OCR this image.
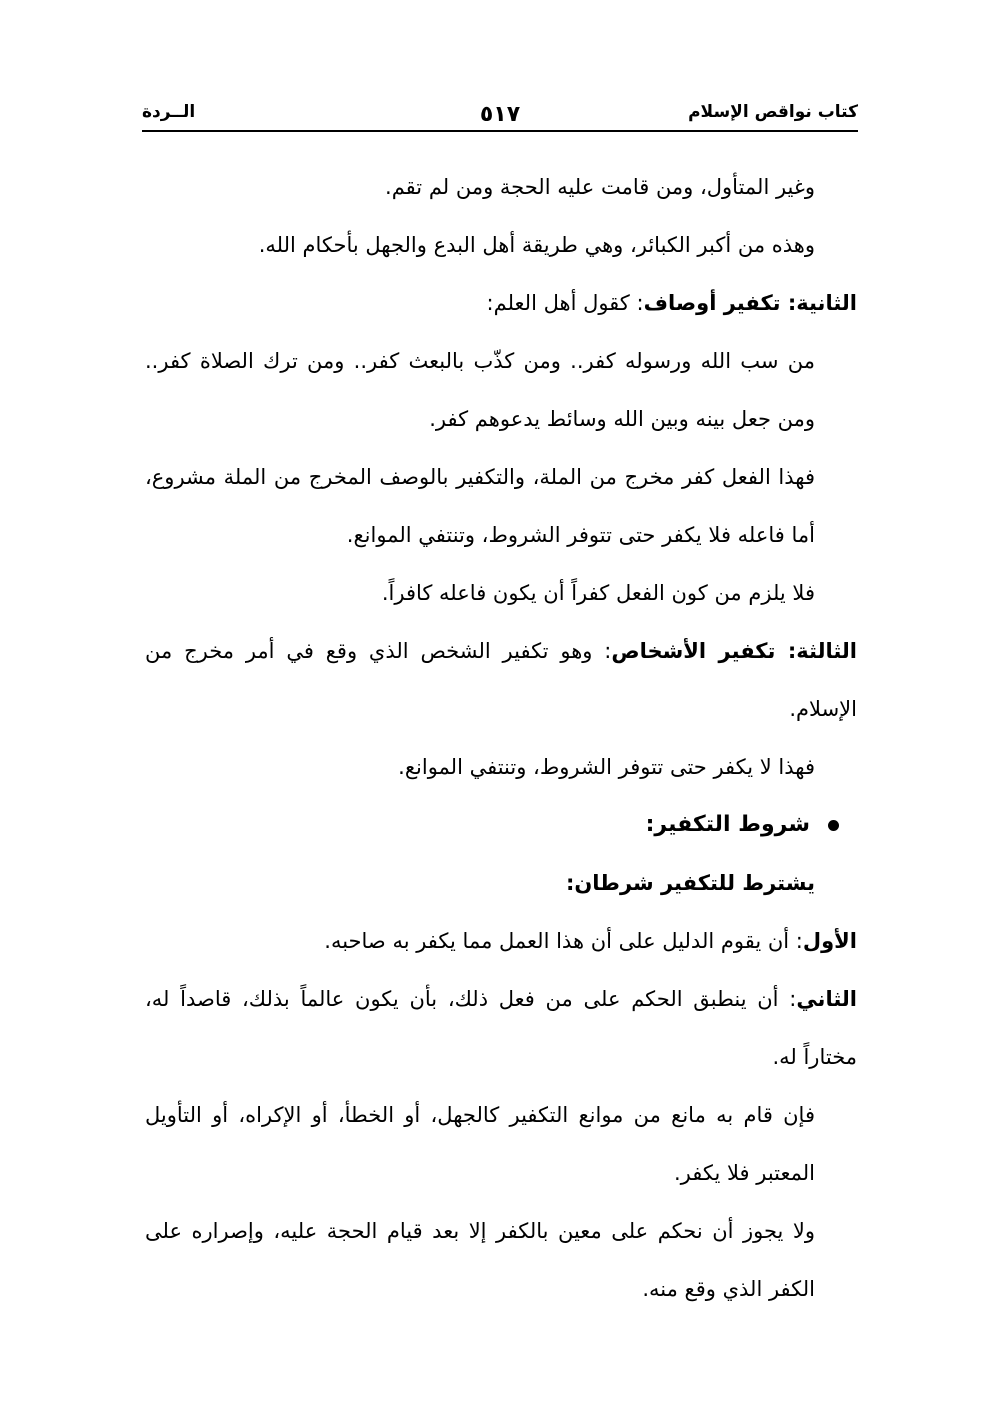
كتاب نواقص الإسلام
٥١٧
الــردة

وغير المتأول، ومن قامت عليه الحجة ومن لم تقم.

وهذه من أكبر الكبائر، وهي طريقة أهل البدع والجهل بأحكام الله.

الثانية: تكفير أوصاف: كقول أهل العلم:

من سب الله ورسوله كفر.. ومن كذّب بالبعث كفر.. ومن ترك الصلاة كفر.. ومن جعل بينه وبين الله وسائط يدعوهم كفر.

فهذا الفعل كفر مخرج من الملة، والتكفير بالوصف المخرج من الملة مشروع، أما فاعله فلا يكفر حتى تتوفر الشروط، وتنتفي الموانع.

فلا يلزم من كون الفعل كفراً أن يكون فاعله كافراً.

الثالثة: تكفير الأشخاص: وهو تكفير الشخص الذي وقع في أمر مخرج من الإسلام.

فهذا لا يكفر حتى تتوفر الشروط، وتنتفي الموانع.

شروط التكفير:

يشترط للتكفير شرطان:

الأول: أن يقوم الدليل على أن هذا العمل مما يكفر به صاحبه.

الثاني: أن ينطبق الحكم على من فعل ذلك، بأن يكون عالماً بذلك، قاصداً له، مختاراً له.

فإن قام به مانع من موانع التكفير كالجهل، أو الخطأ، أو الإكراه، أو التأويل المعتبر فلا يكفر.

ولا يجوز أن نحكم على معين بالكفر إلا بعد قيام الحجة عليه، وإصراره على الكفر الذي وقع منه.
